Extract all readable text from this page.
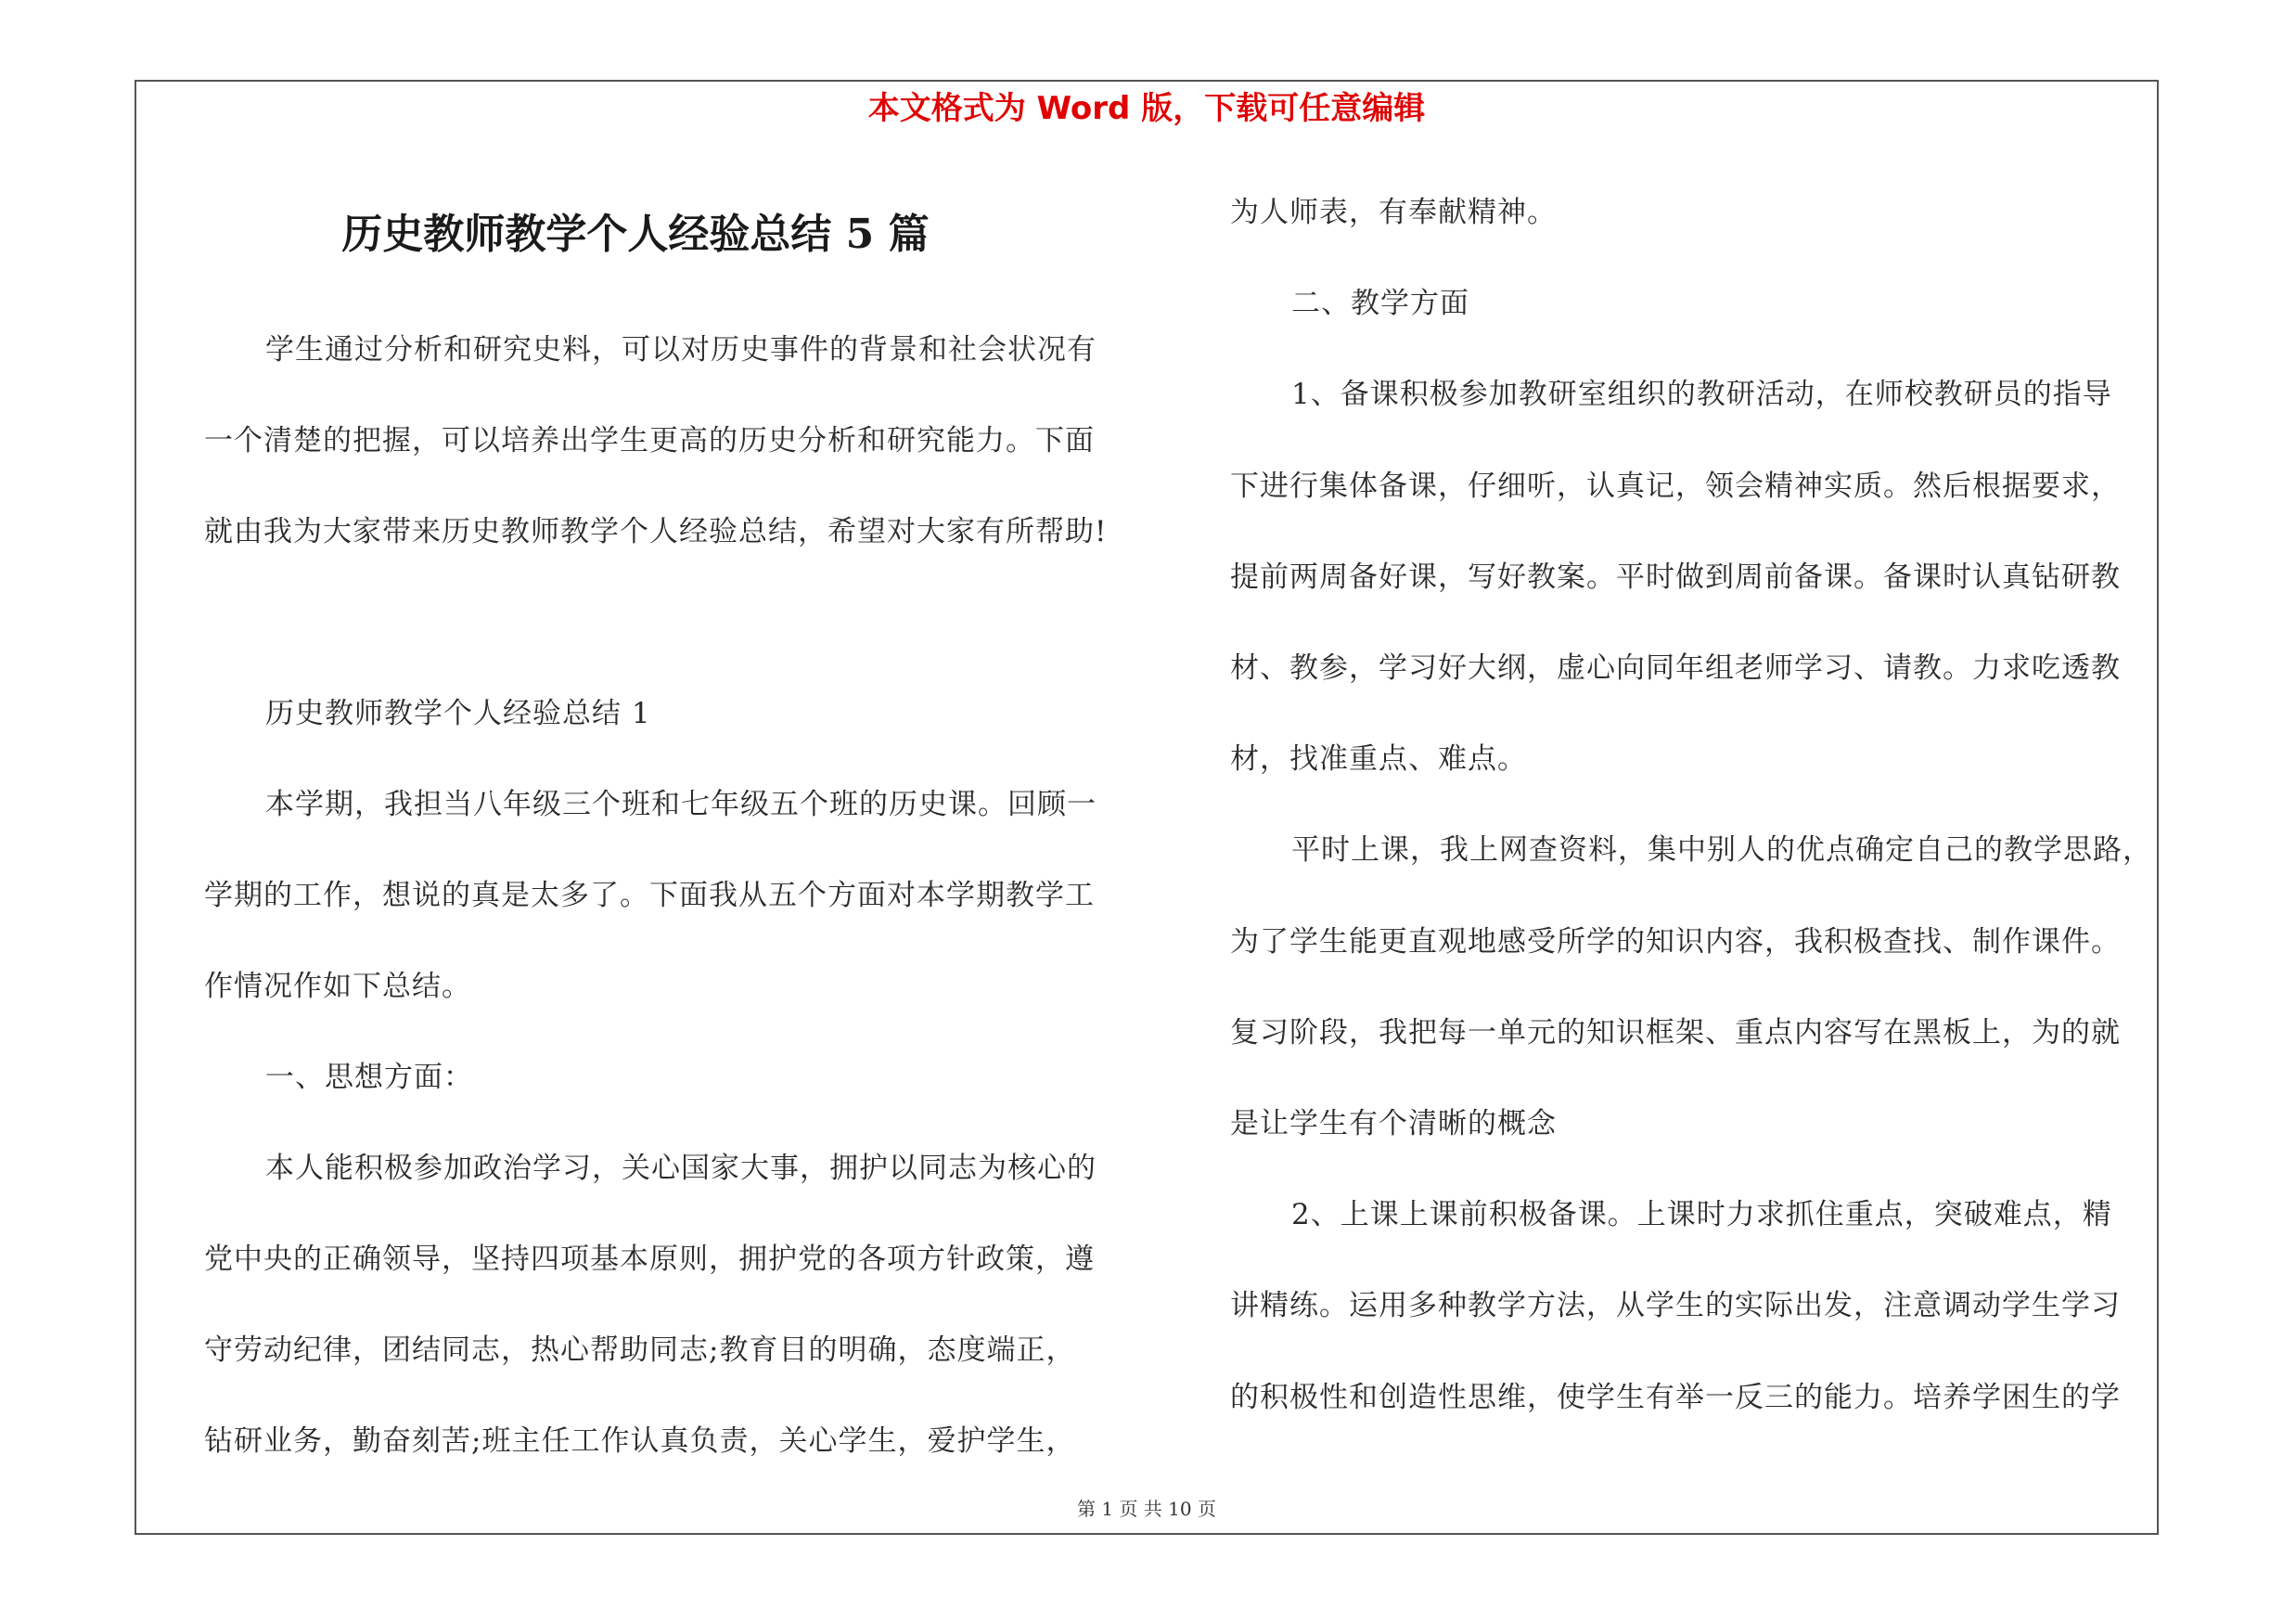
本文格式为 Word 版，下载可任意编辑
历史教师教学个人经验总结 5 篇
学生通过分析和研究史料，可以对历史事件的背景和社会状况有
一个清楚的把握，可以培养出学生更高的历史分析和研究能力。下面
就由我为大家带来历史教师教学个人经验总结，希望对大家有所帮助!
历史教师教学个人经验总结 1
本学期，我担当八年级三个班和七年级五个班的历史课。回顾一
学期的工作，想说的真是太多了。下面我从五个方面对本学期教学工
作情况作如下总结。
一、思想方面：
本人能积极参加政治学习，关心国家大事，拥护以同志为核心的
党中央的正确领导，坚持四项基本原则，拥护党的各项方针政策，遵
守劳动纪律，团结同志，热心帮助同志;教育目的明确，态度端正，
钻研业务，勤奋刻苦;班主任工作认真负责，关心学生，爱护学生，
为人师表，有奉献精神。
二、教学方面
1、备课积极参加教研室组织的教研活动，在师校教研员的指导
下进行集体备课，仔细听，认真记，领会精神实质。然后根据要求，
提前两周备好课，写好教案。平时做到周前备课。备课时认真钻研教
材、教参，学习好大纲，虚心向同年组老师学习、请教。力求吃透教
材，找准重点、难点。
平时上课，我上网查资料，集中别人的优点确定自己的教学思路，
为了学生能更直观地感受所学的知识内容，我积极查找、制作课件。
复习阶段，我把每一单元的知识框架、重点内容写在黑板上，为的就
是让学生有个清晰的概念
2、上课上课前积极备课。上课时力求抓住重点，突破难点，精
讲精练。运用多种教学方法，从学生的实际出发，注意调动学生学习
的积极性和创造性思维，使学生有举一反三的能力。培养学困生的学
第 1 页 共 10 页
